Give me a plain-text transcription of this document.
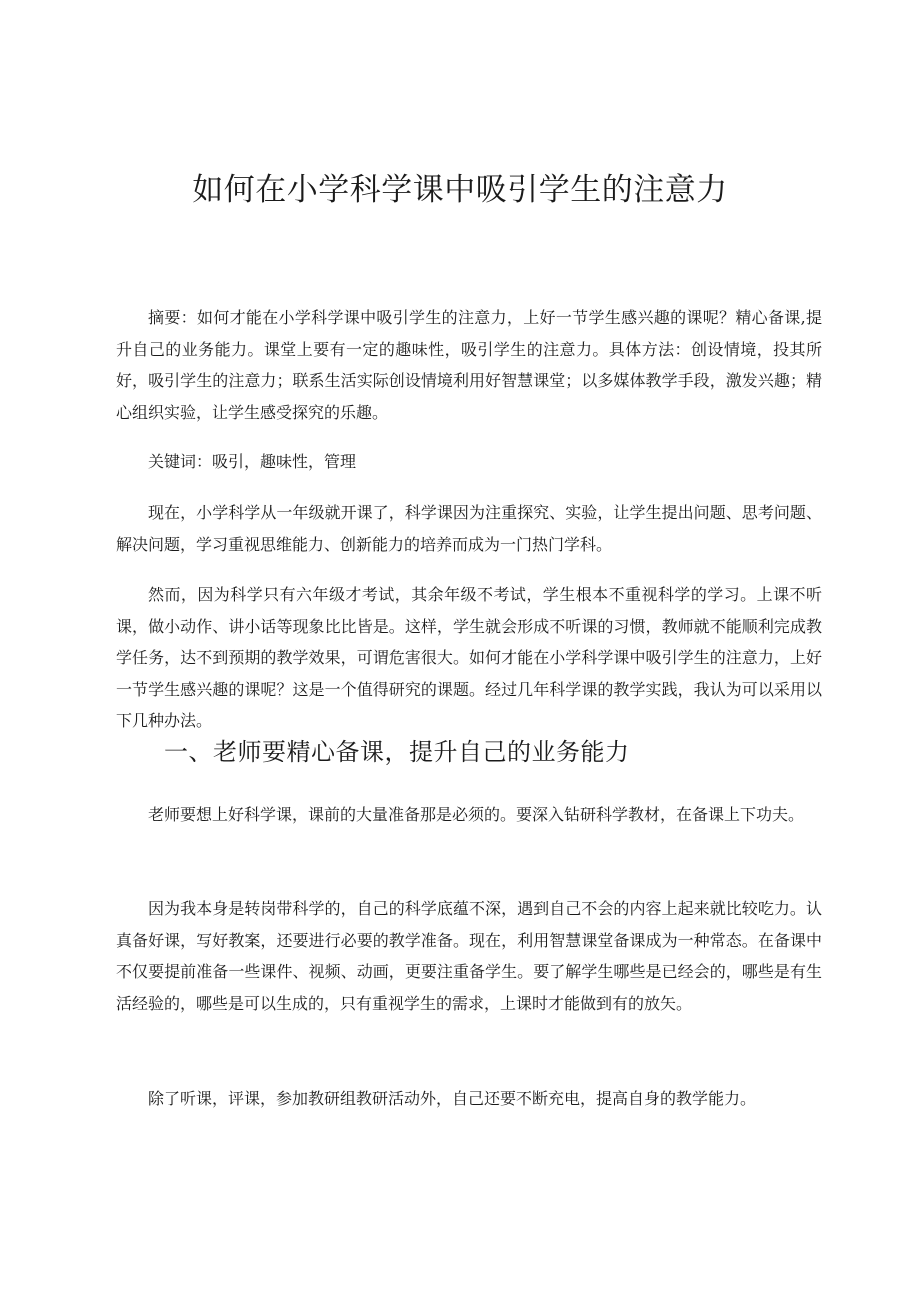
如何在小学科学课中吸引学生的注意力

摘要：如何才能在小学科学课中吸引学生的注意力，上好一节学生感兴趣的课呢？精心备课,提升自己的业务能力。课堂上要有一定的趣味性，吸引学生的注意力。具体方法：创设情境，投其所好，吸引学生的注意力；联系生活实际创设情境利用好智慧课堂；以多媒体教学手段，激发兴趣；精心组织实验，让学生感受探究的乐趣。

关键词：吸引，趣味性，管理

现在，小学科学从一年级就开课了，科学课因为注重探究、实验，让学生提出问题、思考问题、解决问题，学习重视思维能力、创新能力的培养而成为一门热门学科。

然而，因为科学只有六年级才考试，其余年级不考试，学生根本不重视科学的学习。上课不听课，做小动作、讲小话等现象比比皆是。这样，学生就会形成不听课的习惯，教师就不能顺利完成教学任务，达不到预期的教学效果，可谓危害很大。如何才能在小学科学课中吸引学生的注意力，上好一节学生感兴趣的课呢？这是一个值得研究的课题。经过几年科学课的教学实践，我认为可以采用以下几种办法。

一、老师要精心备课，提升自己的业务能力

老师要想上好科学课，课前的大量准备那是必须的。要深入钻研科学教材，在备课上下功夫。

因为我本身是转岗带科学的，自己的科学底蕴不深，遇到自己不会的内容上起来就比较吃力。认真备好课，写好教案，还要进行必要的教学准备。现在，利用智慧课堂备课成为一种常态。在备课中不仅要提前准备一些课件、视频、动画，更要注重备学生。要了解学生哪些是已经会的，哪些是有生活经验的，哪些是可以生成的，只有重视学生的需求，上课时才能做到有的放矢。

除了听课，评课，参加教研组教研活动外，自己还要不断充电，提高自身的教学能力。
